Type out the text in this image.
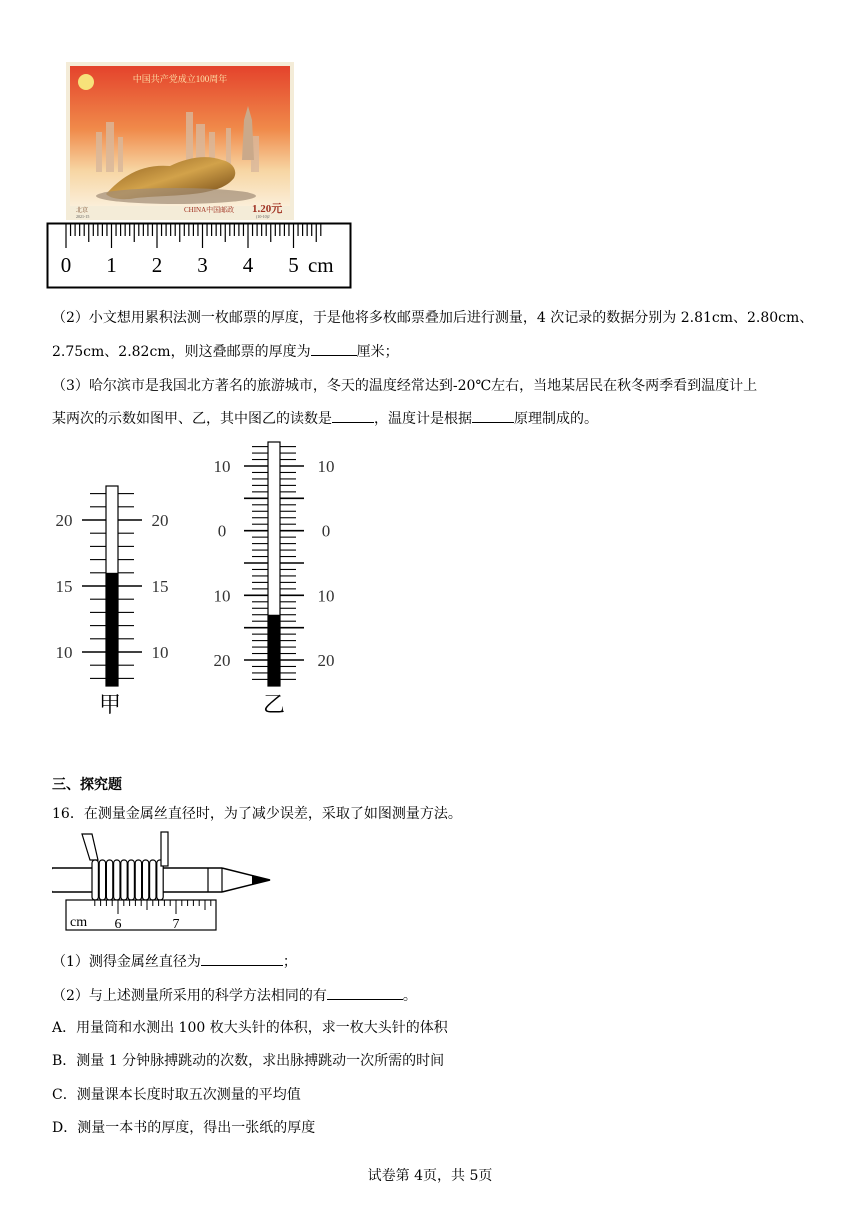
中国共产党成立100周年
北京	CHINA中国邮政 1.20元
2021-15	(10-10)J
0 1 2 3 4 5 cm
（2）小文想用累积法测一枚邮票的厚度，于是他将多枚邮票叠加后进行测量，4 次记录的数据分别为 2.81cm、2.80cm、
2.75cm、2.82cm，则这叠邮票的厚度为	厘米；
（3）哈尔滨市是我国北方著名的旅游城市，冬天的温度经常达到-20℃左右，当地某居民在秋冬两季看到温度计上
某两次的示数如图甲、乙，其中图乙的读数是	，温度计是根据	原理制成的。
20	20
15	15
10	10
10	10
0	0
10	10
20	20
甲	乙
三、探究题
16．在测量金属丝直径时，为了减少误差，采取了如图测量方法。
cm 6	7
（1）测得金属丝直径为	；
（2）与上述测量所采用的科学方法相同的有	。
A．用量筒和水测出 100 枚大头针的体积，求一枚大头针的体积
B．测量 1 分钟脉搏跳动的次数，求出脉搏跳动一次所需的时间
C．测量课本长度时取五次测量的平均值
D．测量一本书的厚度，得出一张纸的厚度
试卷第 4页，共 5页
